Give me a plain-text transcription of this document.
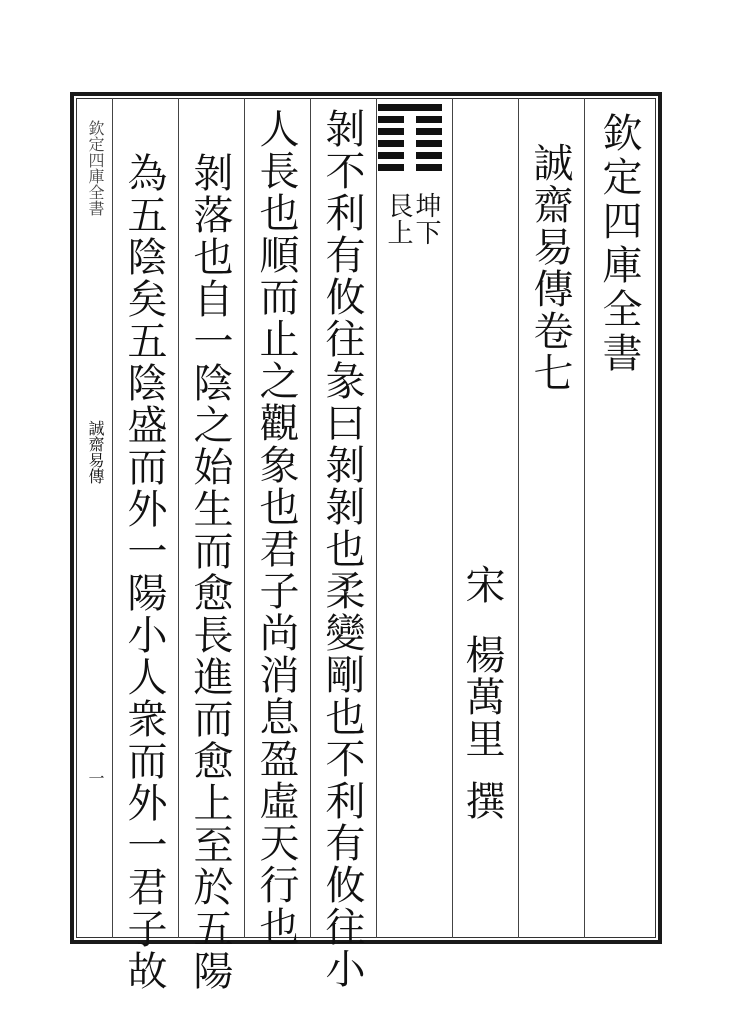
欽定四庫全書
誠齋易傳
一
欽定四庫全書
誠齋易傳卷七
宋
楊萬里
撰
坤下
艮上
剝不利有攸往彖曰剝剝也柔變剛也不利有攸往小
人長也順而止之觀象也君子尚消息盈虛天行也
剝落也自一陰之始生而愈長進而愈上至於五陽
為五陰矣五陰盛而外一陽小人衆而外一君子故
